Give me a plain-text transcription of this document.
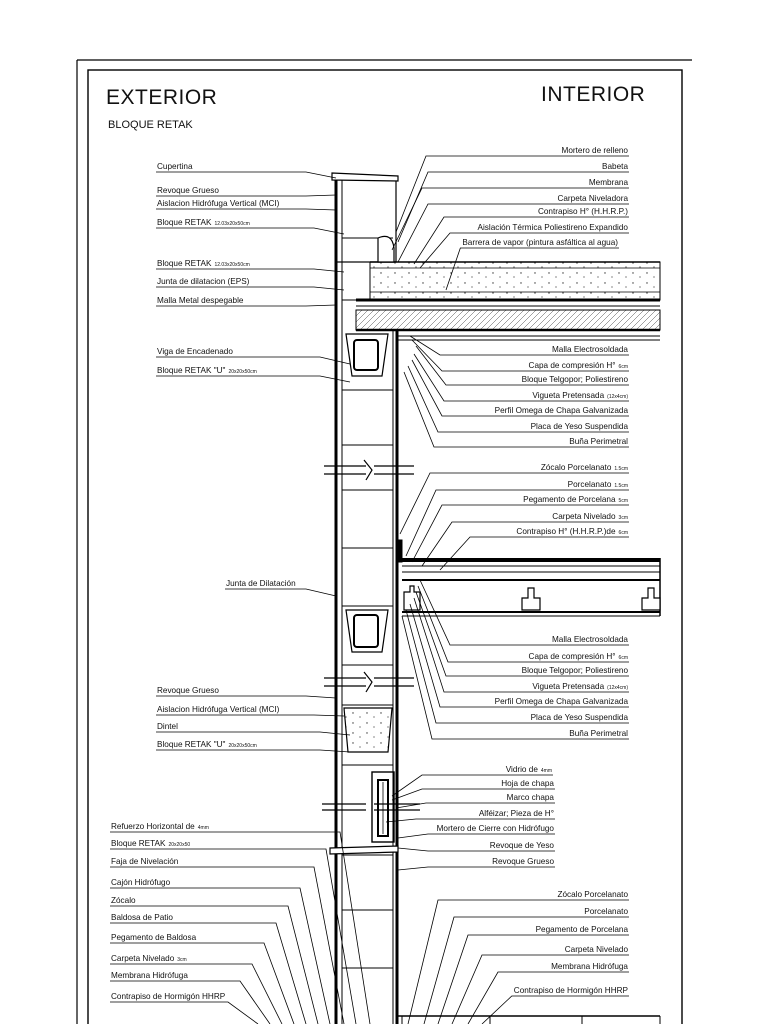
EXTERIOR	INTERIOR
BLOQUE RETAK
Cupertina
Revoque Grueso
Aislacion Hidrófuga Vertical (MCI)
Bloque RETAK 12.03x20x50cm
Bloque RETAK 12.03x20x50cm
Junta de dilatacion (EPS)
Malla Metal despegable
Viga de Encadenado
Bloque RETAK "U" 20x20x50cm
Junta de Dilatación
Revoque Grueso
Aislacion Hidrófuga Vertical (MCI)
Dintel
Bloque RETAK "U" 20x20x50cm
Refuerzo Horizontal de 4mm
Bloque RETAK 20x20x50
Faja de Nivelación
Cajón Hidrófugo
Zócalo
Baldosa de Patio
Pegamento de Baldosa
Carpeta Nivelado 3cm
Membrana Hidrófuga
Contrapiso de Hormigón HHRP
Mortero de relleno
Babeta
Membrana
Carpeta Niveladora
Contrapiso H° (H.H.R.P.)
Aislación Térmica Poliestireno Expandido
Barrera de vapor (pintura asfáltica al agua)
Malla Electrosoldada
Capa de compresión H° 6cm
Bloque Telgopor; Poliestireno
Vigueta Pretensada (12x4cm)
Perfil Omega de Chapa Galvanizada
Placa de Yeso Suspendida
Buña Perimetral
Zócalo Porcelanato 1.5cm
Porcelanato 1.5cm
Pegamento de Porcelana 5cm
Carpeta Nivelado 3cm
Contrapiso H° (H.H.R.P.)de 6cm
Malla Electrosoldada
Capa de compresión H° 6cm
Bloque Telgopor; Poliestireno
Vigueta Pretensada (12x4cm)
Perfil Omega de Chapa Galvanizada
Placa de Yeso Suspendida
Buña Perimetral
Vidrio de 4mm
Hoja de chapa
Marco chapa
Alféizar; Pieza de H°
Mortero de Cierre con Hidrófugo
Revoque de Yeso
Revoque Grueso
Zócalo Porcelanato
Porcelanato
Pegamento de Porcelana
Carpeta Nivelado
Membrana Hidrófuga
Contrapiso de Hormigón HHRP
